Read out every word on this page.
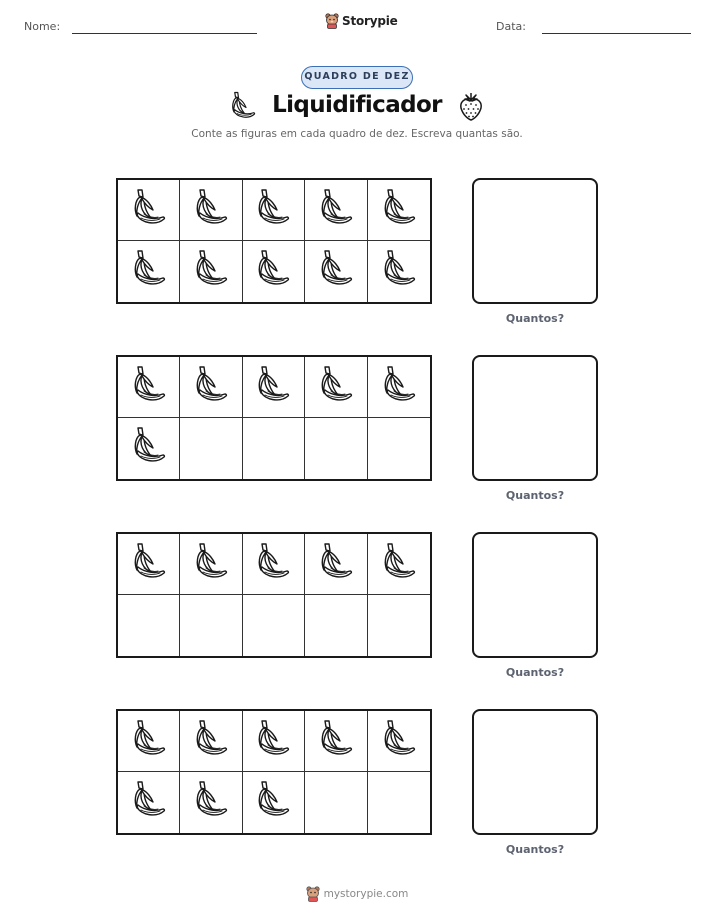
Nome:	Storypie	Data:
QUADRO DE DEZ
Liquidificador
Conte as figuras em cada quadro de dez. Escreva quantas são.
Quantos?
Quantos?
Quantos?
Quantos?
mystorypie.com
